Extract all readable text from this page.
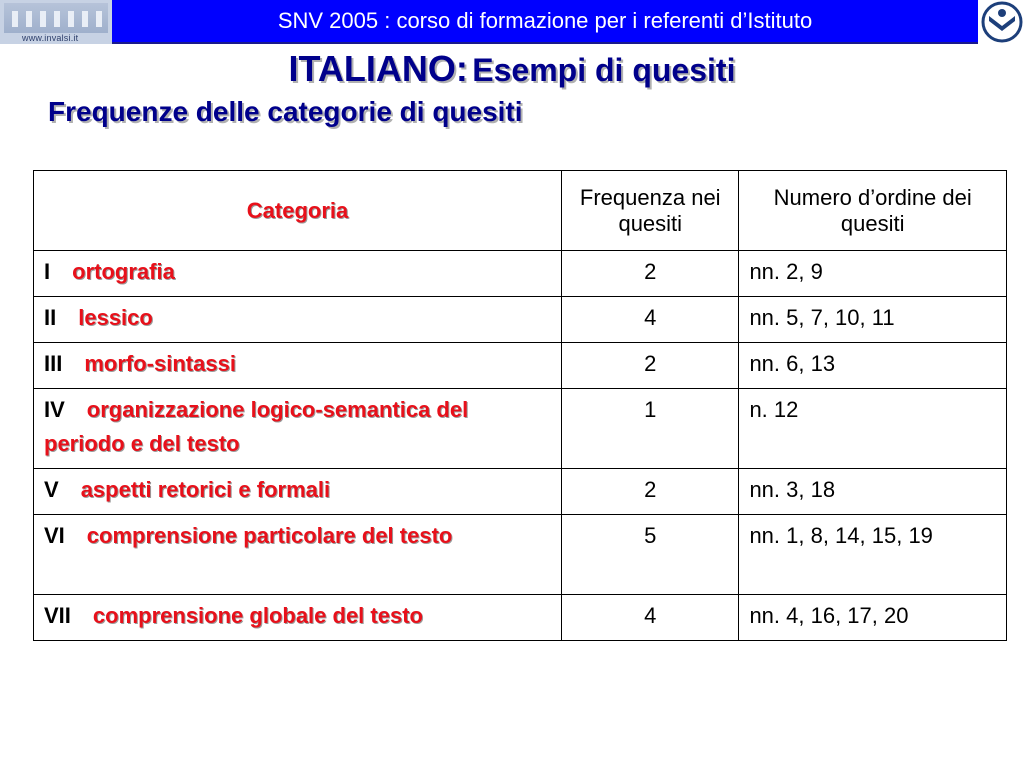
www.invalsi.it
SNV 2005 : corso di formazione per i referenti d’Istituto
ITALIANO: Esempi di quesiti
Frequenze delle categorie di quesiti
Categoria	Frequenza nei quesiti	Numero d’ordine dei quesiti
I ortografia	2	nn. 2, 9
II lessico	4	nn. 5, 7, 10, 11
III morfo-sintassi	2	nn. 6, 13
IV organizzazione logico-semantica del periodo e del testo	1	n. 12
V aspetti retorici e formali	2	nn. 3, 18
VI comprensione particolare del testo	5	nn. 1, 8, 14, 15, 19
VII comprensione globale del testo	4	nn. 4, 16, 17, 20
